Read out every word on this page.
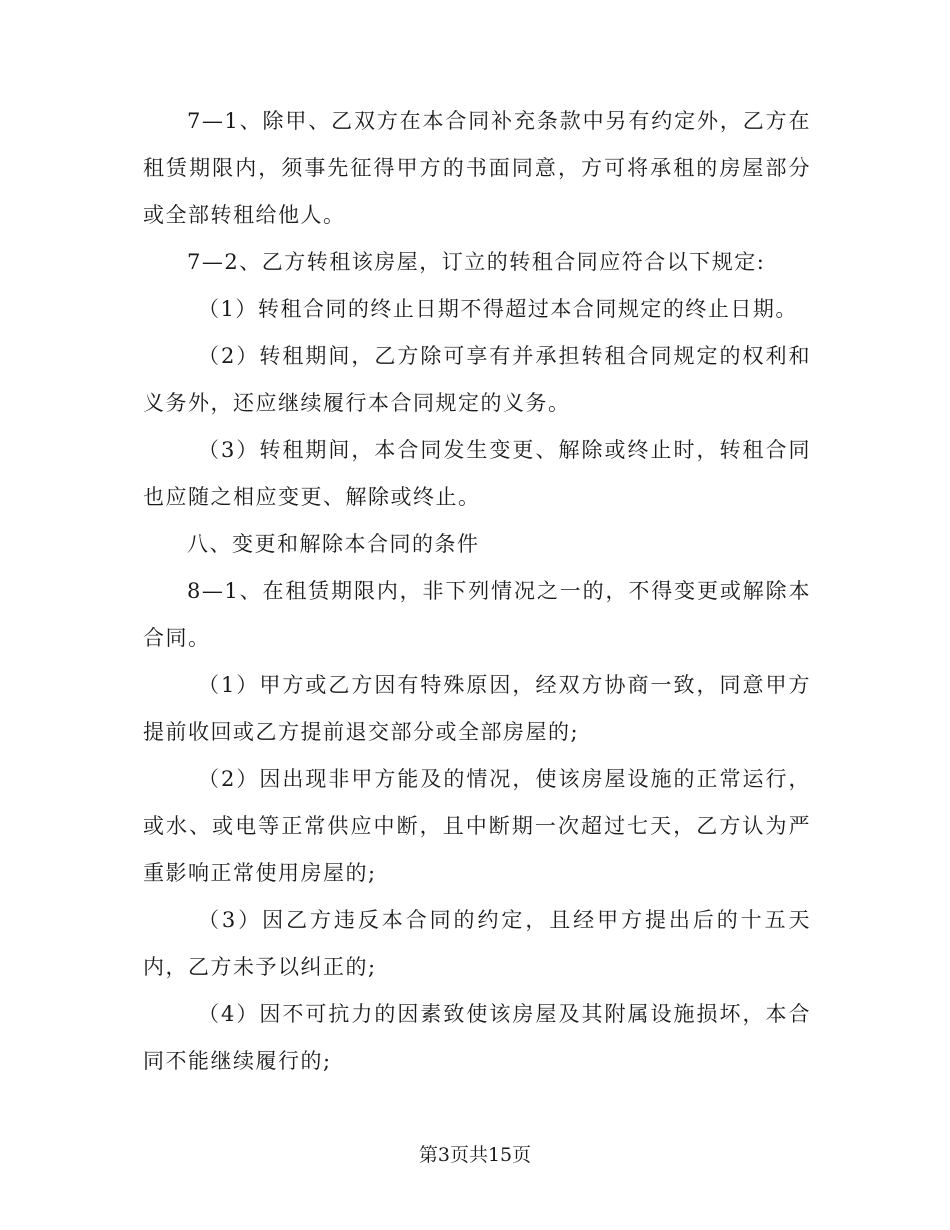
7—1、除甲、乙双方在本合同补充条款中另有约定外，乙方在租赁期限内，须事先征得甲方的书面同意，方可将承租的房屋部分或全部转租给他人。

7—2、乙方转租该房屋，订立的转租合同应符合以下规定:

（1）转租合同的终止日期不得超过本合同规定的终止日期。

（2）转租期间，乙方除可享有并承担转租合同规定的权利和义务外，还应继续履行本合同规定的义务。

（3）转租期间，本合同发生变更、解除或终止时，转租合同也应随之相应变更、解除或终止。

八、变更和解除本合同的条件

8—1、在租赁期限内，非下列情况之一的，不得变更或解除本合同。

（1）甲方或乙方因有特殊原因，经双方协商一致，同意甲方提前收回或乙方提前退交部分或全部房屋的;

（2）因出现非甲方能及的情况，使该房屋设施的正常运行，或水、或电等正常供应中断，且中断期一次超过七天，乙方认为严重影响正常使用房屋的;

（3）因乙方违反本合同的约定，且经甲方提出后的十五天内，乙方未予以纠正的;

（4）因不可抗力的因素致使该房屋及其附属设施损坏，本合同不能继续履行的;

第3页共15页
